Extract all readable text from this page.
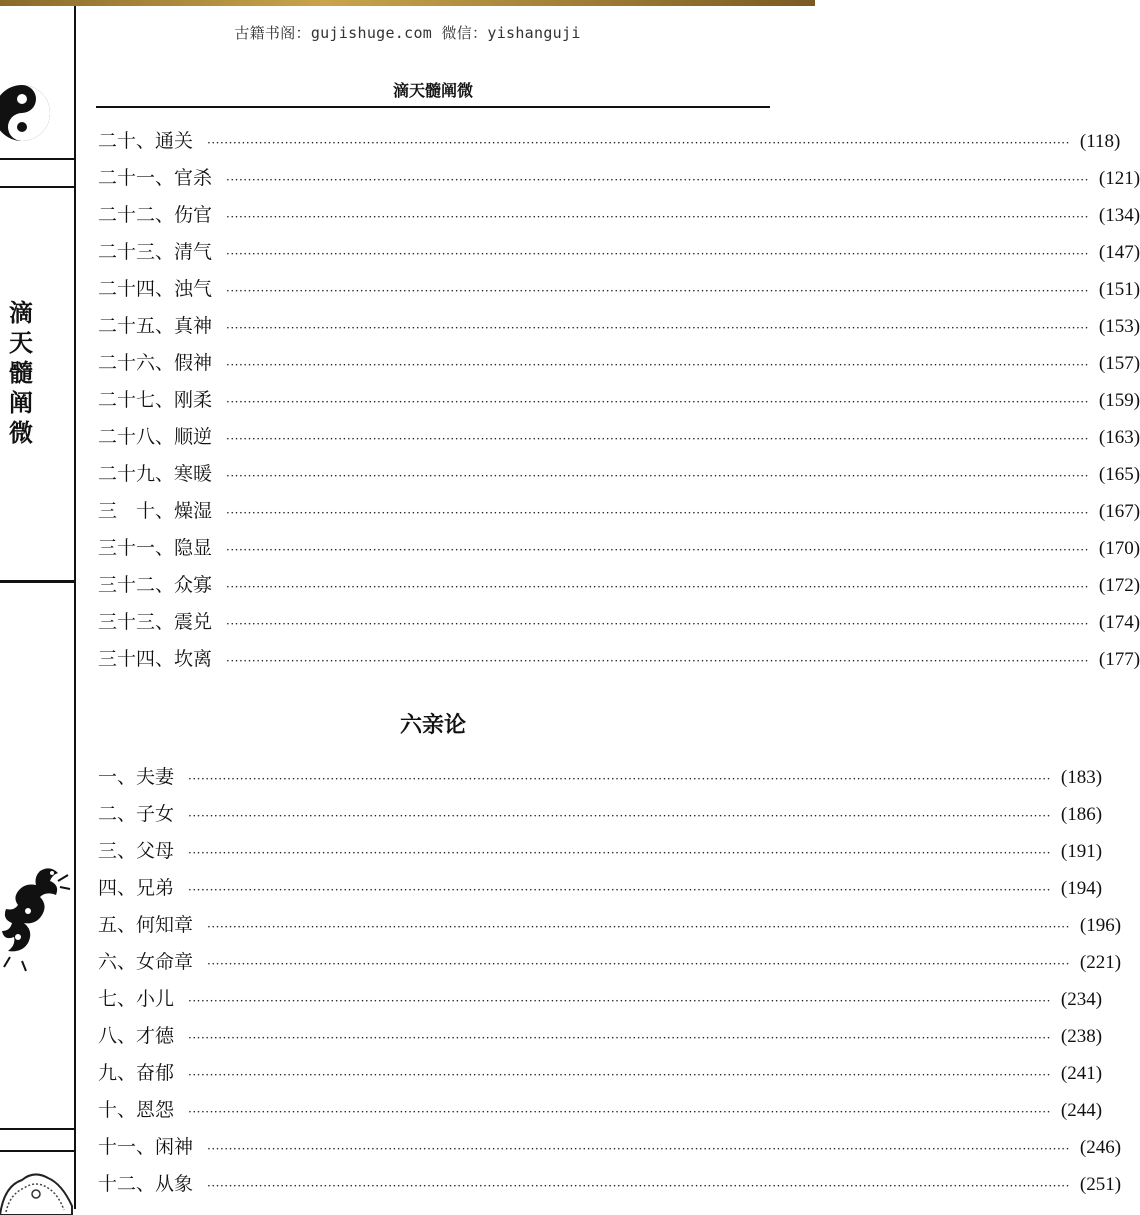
古籍书阁：gujishuge.com 微信：yishanguji
滴
天
髓
阐
微
滴天髓阐微
二十、 通关 ········································································································································································································ (118)
二十一、 官杀 ········································································································································································································ (121)
二十二、 伤官 ········································································································································································································ (134)
二十三、 清气 ········································································································································································································ (147)
二十四、 浊气 ········································································································································································································ (151)
二十五、 真神 ········································································································································································································ (153)
二十六、 假神 ········································································································································································································ (157)
二十七、 刚柔 ········································································································································································································ (159)
二十八、 顺逆 ········································································································································································································ (163)
二十九、 寒暖 ········································································································································································································ (165)
三　十、 燥湿 ········································································································································································································ (167)
三十一、 隐显 ········································································································································································································ (170)
三十二、 众寡 ········································································································································································································ (172)
三十三、 震兑 ········································································································································································································ (174)
三十四、 坎离 ········································································································································································································ (177)
六亲论
一、 夫妻 ········································································································································································································ (183)
二、 子女 ········································································································································································································ (186)
三、 父母 ········································································································································································································ (191)
四、 兄弟 ········································································································································································································ (194)
五、 何知章 ········································································································································································································ (196)
六、 女命章 ········································································································································································································ (221)
七、 小儿 ········································································································································································································ (234)
八、 才德 ········································································································································································································ (238)
九、 奋郁 ········································································································································································································ (241)
十、 恩怨 ········································································································································································································ (244)
十一、 闲神 ········································································································································································································ (246)
十二、 从象 ········································································································································································································ (251)
